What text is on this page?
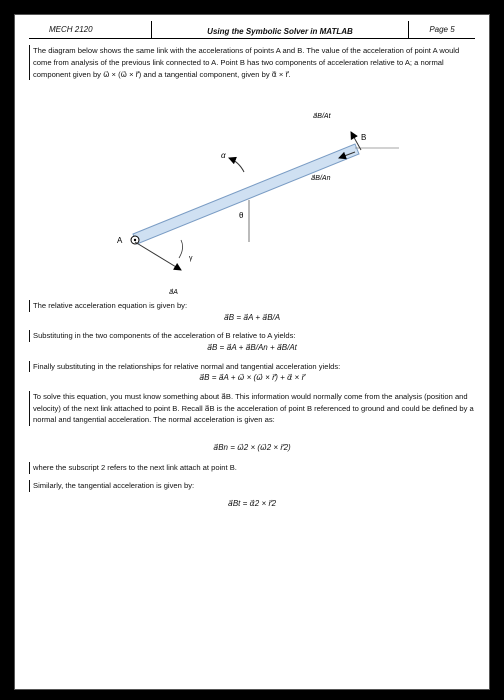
MECH 2120	Using the Symbolic Solver in MATLAB	Page 5

The diagram below shows the same link with the accelerations of points A and B. The value of the acceleration of point A would come from analysis of the previous link connected to A. Point B has two components of acceleration relative to A; a normal component given by ω⃗ × (ω⃗ × r⃗) and a tangential component, given by α⃗ × r⃗.

A
B
α
θ
γ
a⃗A
a⃗B/At
a⃗B/An

The relative acceleration equation is given by:

a⃗B = a⃗A + a⃗B/A

Substituting in the two components of the acceleration of B relative to A yields:

a⃗B = a⃗A + a⃗B/An + a⃗B/At

Finally substituting in the relationships for relative normal and tangential acceleration yields:

a⃗B = a⃗A + ω⃗ × (ω⃗ × r⃗) + α⃗ × r⃗

To solve this equation, you must know something about a⃗B. This information would normally come from the analysis (position and velocity) of the next link attached to point B. Recall a⃗B is the acceleration of point B referenced to ground and could be defined by a normal and tangential acceleration. The normal acceleration is given as:

a⃗Bn = ω⃗2 × (ω⃗2 × r⃗2)

where the subscript 2 refers to the next link attach at point B.

Similarly, the tangential acceleration is given by:

a⃗Bt = α⃗2 × r⃗2
